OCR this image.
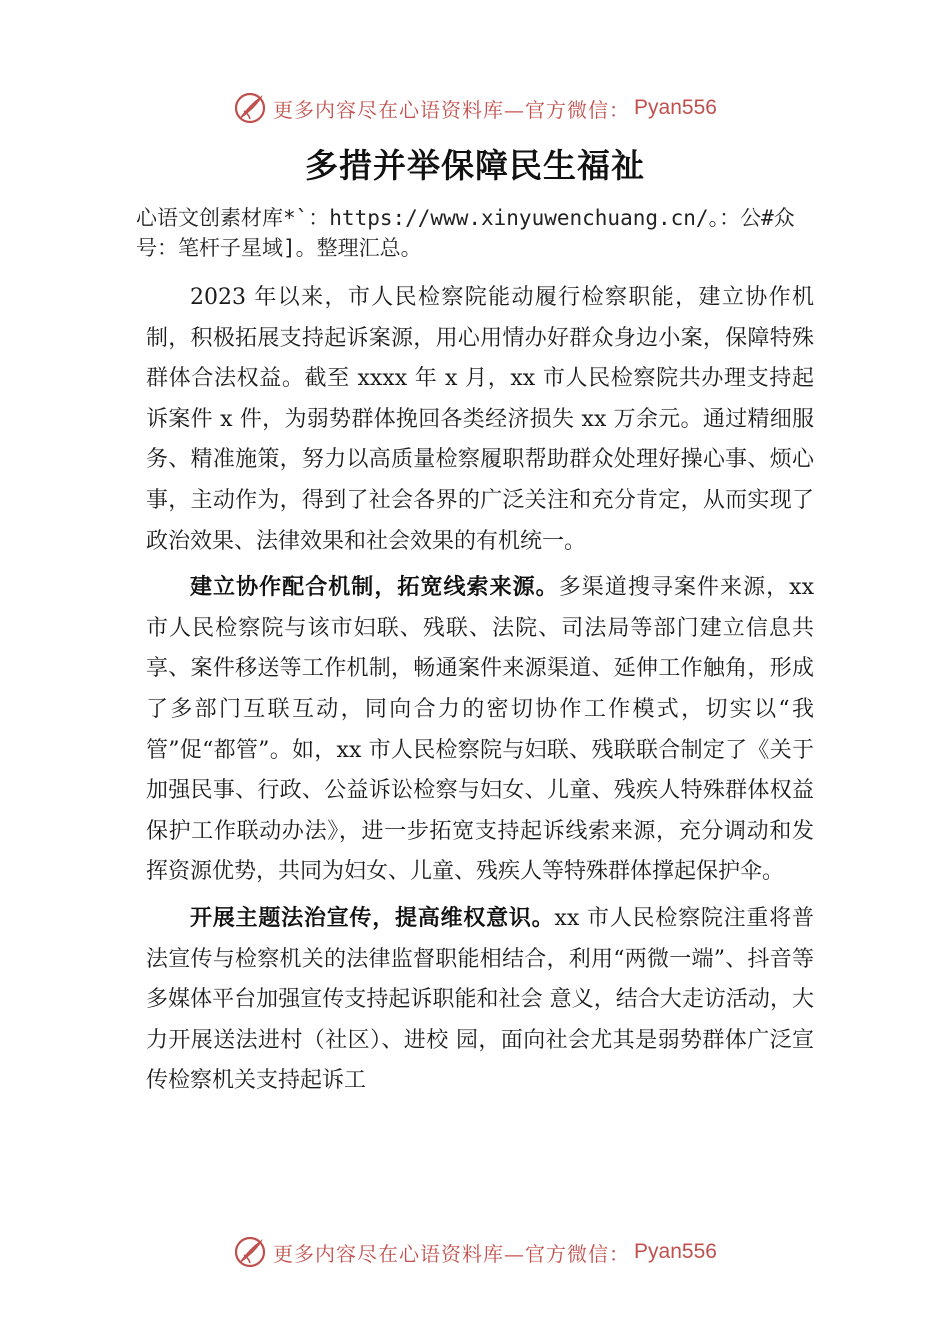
更多内容尽在心语资料库—官方微信： Pyan556
多措并举保障民生福祉
心语文创素材库*`：https://www.xinyuwenchuang.cn/。：公#众号：笔杆子星域]。整理汇总。

2023 年以来，市人民检察院能动履行检察职能，建立协作机制，积极拓展支持起诉案源，用心用情办好群众身边小案，保障特殊群体合法权益。截至 xxxx 年 x 月，xx 市人民检察院共办理支持起诉案件 x 件，为弱势群体挽回各类经济损失 xx 万余元。通过精细服务、精准施策，努力以高质量检察履职帮助群众处理好操心事、烦心事，主动作为，得到了社会各界的广泛关注和充分肯定，从而实现了政治效果、法律效果和社会效果的有机统一。

建立协作配合机制，拓宽线索来源。多渠道搜寻案件来源，xx 市人民检察院与该市妇联、残联、法院、司法局等部门建立信息共享、案件移送等工作机制，畅通案件来源渠道、延伸工作触角，形成了多部门互联互动，同向合力的密切协作工作模式，切实以“我管”促“都管”。如，xx 市人民检察院与妇联、残联联合制定了《关于加强民事、行政、公益诉讼检察与妇女、儿童、残疾人特殊群体权益保护工作联动办法》，进一步拓宽支持起诉线索来源，充分调动和发挥资源优势，共同为妇女、儿童、残疾人等特殊群体撑起保护伞。

开展主题法治宣传，提高维权意识。xx 市人民检察院注重将普法宣传与检察机关的法律监督职能相结合，利用“两微一端”、抖音等多媒体平台加强宣传支持起诉职能和社会 意义，结合大走访活动，大力开展送法进村（社区）、进校 园，面向社会尤其是弱势群体广泛宣传检察机关支持起诉工

更多内容尽在心语资料库—官方微信： Pyan556
